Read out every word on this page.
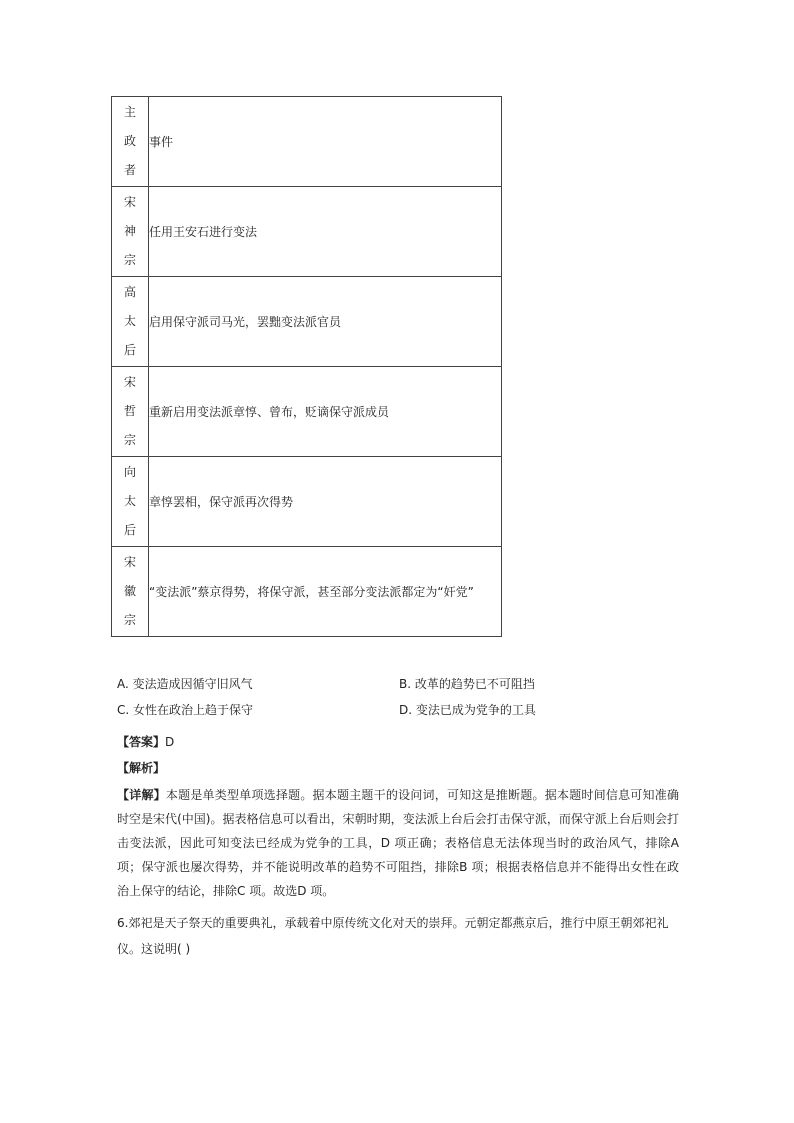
主
政
者	事件

宋
神
宗	任用王安石进行变法

高
太
后	启用保守派司马光，罢黜变法派官员

宋
哲
宗	重新启用变法派章惇、曾布，贬谪保守派成员

向
太
后	章惇罢相，保守派再次得势

宋
徽
宗	“变法派”蔡京得势，将保守派，甚至部分变法派都定为“奸党”
A. 变法造成因循守旧风气	B. 改革的趋势已不可阻挡
C. 女性在政治上趋于保守	D. 变法已成为党争的工具
【答案】D
【解析】
【详解】本题是单类型单项选择题。据本题主题干的设问词，可知这是推断题。据本题时间信息可知准确时空是宋代(中国)。据表格信息可以看出，宋朝时期，变法派上台后会打击保守派，而保守派上台后则会打击变法派，因此可知变法已经成为党争的工具，D 项正确；表格信息无法体现当时的政治风气，排除A 项；保守派也屡次得势，并不能说明改革的趋势不可阻挡，排除B 项；根据表格信息并不能得出女性在政治上保守的结论，排除C 项。故选D 项。
6.郊祀是天子祭天的重要典礼，承载着中原传统文化对天的崇拜。元朝定都燕京后，推行中原王朝郊祀礼 仪。这说明( )
